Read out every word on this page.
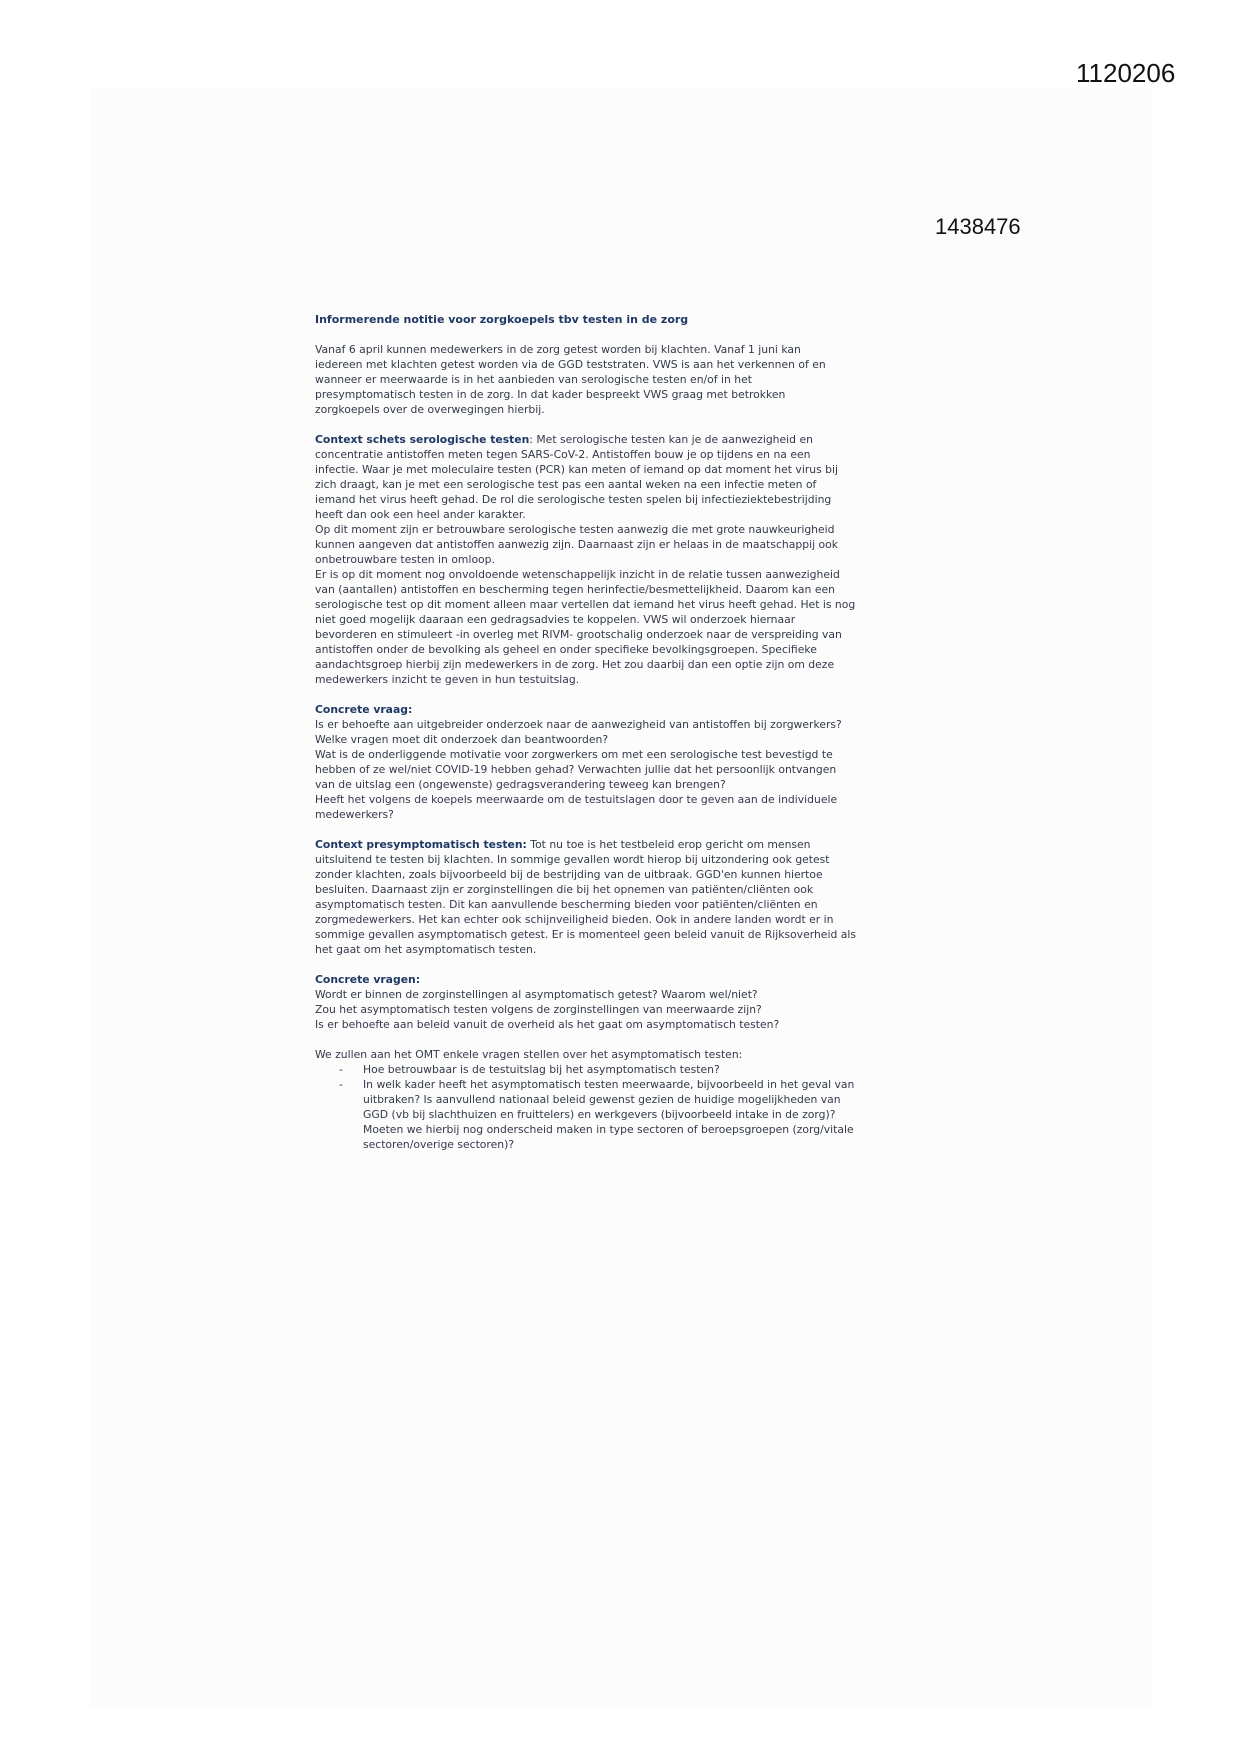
1120206
1438476
Informerende notitie voor zorgkoepels tbv testen in de zorg
Vanaf 6 april kunnen medewerkers in de zorg getest worden bij klachten. Vanaf 1 juni kan
iedereen met klachten getest worden via de GGD teststraten. VWS is aan het verkennen of en
wanneer er meerwaarde is in het aanbieden van serologische testen en/of in het
presymptomatisch testen in de zorg. In dat kader bespreekt VWS graag met betrokken
zorgkoepels over de overwegingen hierbij.
Context schets serologische testen: Met serologische testen kan je de aanwezigheid en
concentratie antistoffen meten tegen SARS-CoV-2. Antistoffen bouw je op tijdens en na een
infectie. Waar je met moleculaire testen (PCR) kan meten of iemand op dat moment het virus bij
zich draagt, kan je met een serologische test pas een aantal weken na een infectie meten of
iemand het virus heeft gehad. De rol die serologische testen spelen bij infectieziektebestrijding
heeft dan ook een heel ander karakter.
Op dit moment zijn er betrouwbare serologische testen aanwezig die met grote nauwkeurigheid
kunnen aangeven dat antistoffen aanwezig zijn. Daarnaast zijn er helaas in de maatschappij ook
onbetrouwbare testen in omloop.
Er is op dit moment nog onvoldoende wetenschappelijk inzicht in de relatie tussen aanwezigheid
van (aantallen) antistoffen en bescherming tegen herinfectie/besmettelijkheid. Daarom kan een
serologische test op dit moment alleen maar vertellen dat iemand het virus heeft gehad. Het is nog
niet goed mogelijk daaraan een gedragsadvies te koppelen. VWS wil onderzoek hiernaar
bevorderen en stimuleert -in overleg met RIVM- grootschalig onderzoek naar de verspreiding van
antistoffen onder de bevolking als geheel en onder specifieke bevolkingsgroepen. Specifieke
aandachtsgroep hierbij zijn medewerkers in de zorg. Het zou daarbij dan een optie zijn om deze
medewerkers inzicht te geven in hun testuitslag.
Concrete vraag:
Is er behoefte aan uitgebreider onderzoek naar de aanwezigheid van antistoffen bij zorgwerkers?
Welke vragen moet dit onderzoek dan beantwoorden?
Wat is de onderliggende motivatie voor zorgwerkers om met een serologische test bevestigd te
hebben of ze wel/niet COVID-19 hebben gehad? Verwachten jullie dat het persoonlijk ontvangen
van de uitslag een (ongewenste) gedragsverandering teweeg kan brengen?
Heeft het volgens de koepels meerwaarde om de testuitslagen door te geven aan de individuele
medewerkers?
Context presymptomatisch testen: Tot nu toe is het testbeleid erop gericht om mensen
uitsluitend te testen bij klachten. In sommige gevallen wordt hierop bij uitzondering ook getest
zonder klachten, zoals bijvoorbeeld bij de bestrijding van de uitbraak. GGD'en kunnen hiertoe
besluiten. Daarnaast zijn er zorginstellingen die bij het opnemen van patiënten/cliënten ook
asymptomatisch testen. Dit kan aanvullende bescherming bieden voor patiënten/cliënten en
zorgmedewerkers. Het kan echter ook schijnveiligheid bieden. Ook in andere landen wordt er in
sommige gevallen asymptomatisch getest. Er is momenteel geen beleid vanuit de Rijksoverheid als
het gaat om het asymptomatisch testen.
Concrete vragen:
Wordt er binnen de zorginstellingen al asymptomatisch getest? Waarom wel/niet?
Zou het asymptomatisch testen volgens de zorginstellingen van meerwaarde zijn?
Is er behoefte aan beleid vanuit de overheid als het gaat om asymptomatisch testen?
We zullen aan het OMT enkele vragen stellen over het asymptomatisch testen:
- Hoe betrouwbaar is de testuitslag bij het asymptomatisch testen?
- In welk kader heeft het asymptomatisch testen meerwaarde, bijvoorbeeld in het geval van
uitbraken? Is aanvullend nationaal beleid gewenst gezien de huidige mogelijkheden van
GGD (vb bij slachthuizen en fruittelers) en werkgevers (bijvoorbeeld intake in de zorg)?
Moeten we hierbij nog onderscheid maken in type sectoren of beroepsgroepen (zorg/vitale
sectoren/overige sectoren)?
